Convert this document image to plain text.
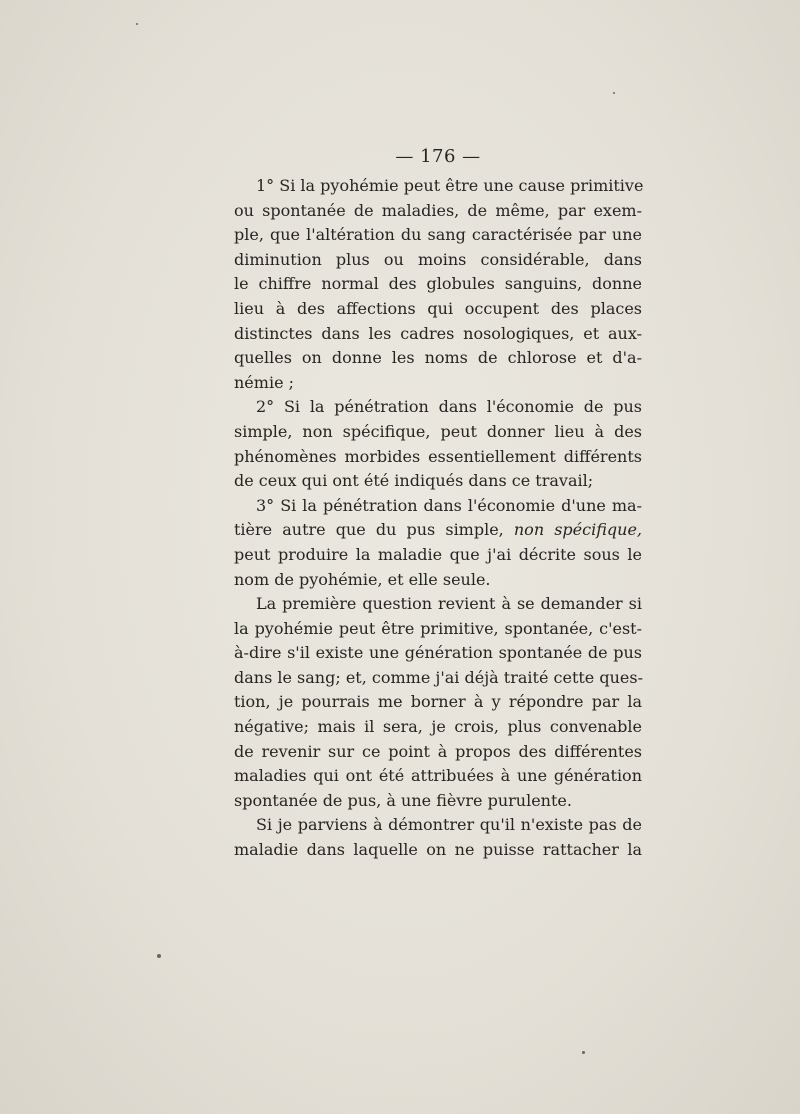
— 176 —
1° Si la pyohémie peut être une cause primitive
ou spontanée de maladies, de même, par exem-
ple, que l'altération du sang caractérisée par une
diminution plus ou moins considérable, dans
le chiffre normal des globules sanguins, donne
lieu à des affections qui occupent des places
distinctes dans les cadres nosologiques, et aux-
quelles on donne les noms de chlorose et d'a-
némie ;
2° Si la pénétration dans l'économie de pus
simple, non spécifique, peut donner lieu à des
phénomènes morbides essentiellement différents
de ceux qui ont été indiqués dans ce travail;
3° Si la pénétration dans l'économie d'une ma-
tière autre que du pus simple, non spécifique,
peut produire la maladie que j'ai décrite sous le
nom de pyohémie, et elle seule.
La première question revient à se demander si
la pyohémie peut être primitive, spontanée, c'est-
à-dire s'il existe une génération spontanée de pus
dans le sang; et, comme j'ai déjà traité cette ques-
tion, je pourrais me borner à y répondre par la
négative; mais il sera, je crois, plus convenable
de revenir sur ce point à propos des différentes
maladies qui ont été attribuées à une génération
spontanée de pus, à une fièvre purulente.
Si je parviens à démontrer qu'il n'existe pas de
maladie dans laquelle on ne puisse rattacher la
